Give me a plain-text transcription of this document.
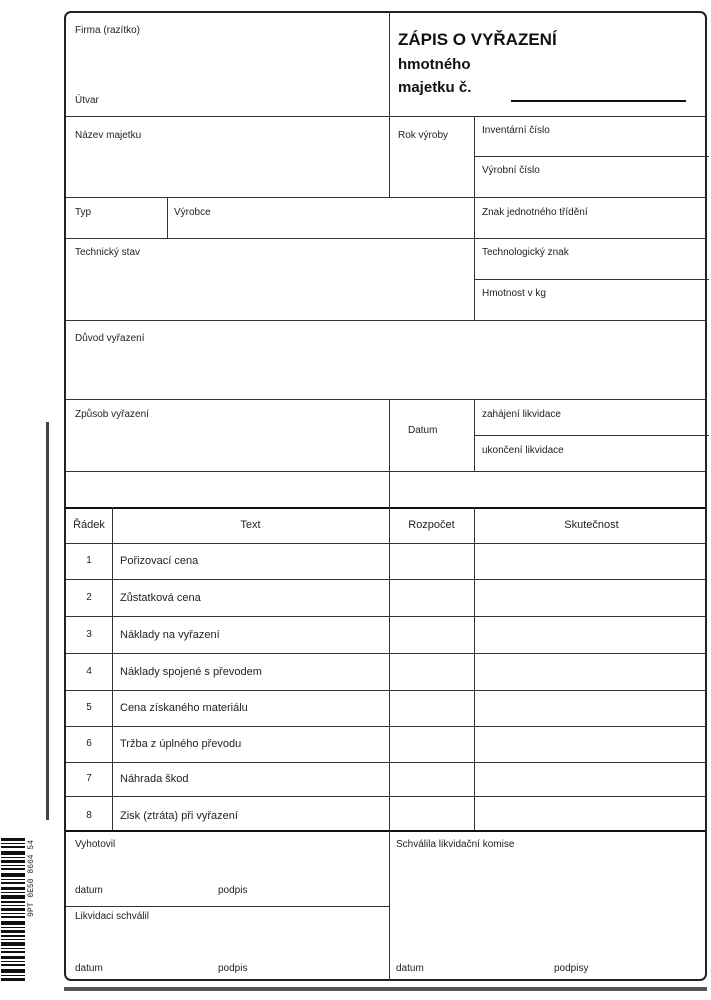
9PT 0E50 8664 54
Firma (razítko)
Útvar
ZÁPIS O VYŘAZENÍ
hmotného
majetku č.
Název majetku	Rok výroby	Inventární číslo
Výrobní číslo
Typ	Výrobce	Znak jednotného třídění
Technický stav	Technologický znak
Hmotnost v kg
Důvod vyřazení
Způsob vyřazení
Datum
zahájení likvidace
ukončení likvidace
Řádek	Text	Rozpočet	Skutečnost
1	Pořizovací cena
2	Zůstatková cena
3	Náklady na vyřazení
4	Náklady spojené s převodem
5	Cena získaného materiálu
6	Tržba z úplného převodu
7	Náhrada škod
8	Zisk (ztráta) při vyřazení
Vyhotovil
datum	podpis
Likvidaci schválil
datum	podpis
Schválila likvidační komise
datum	podpisy
